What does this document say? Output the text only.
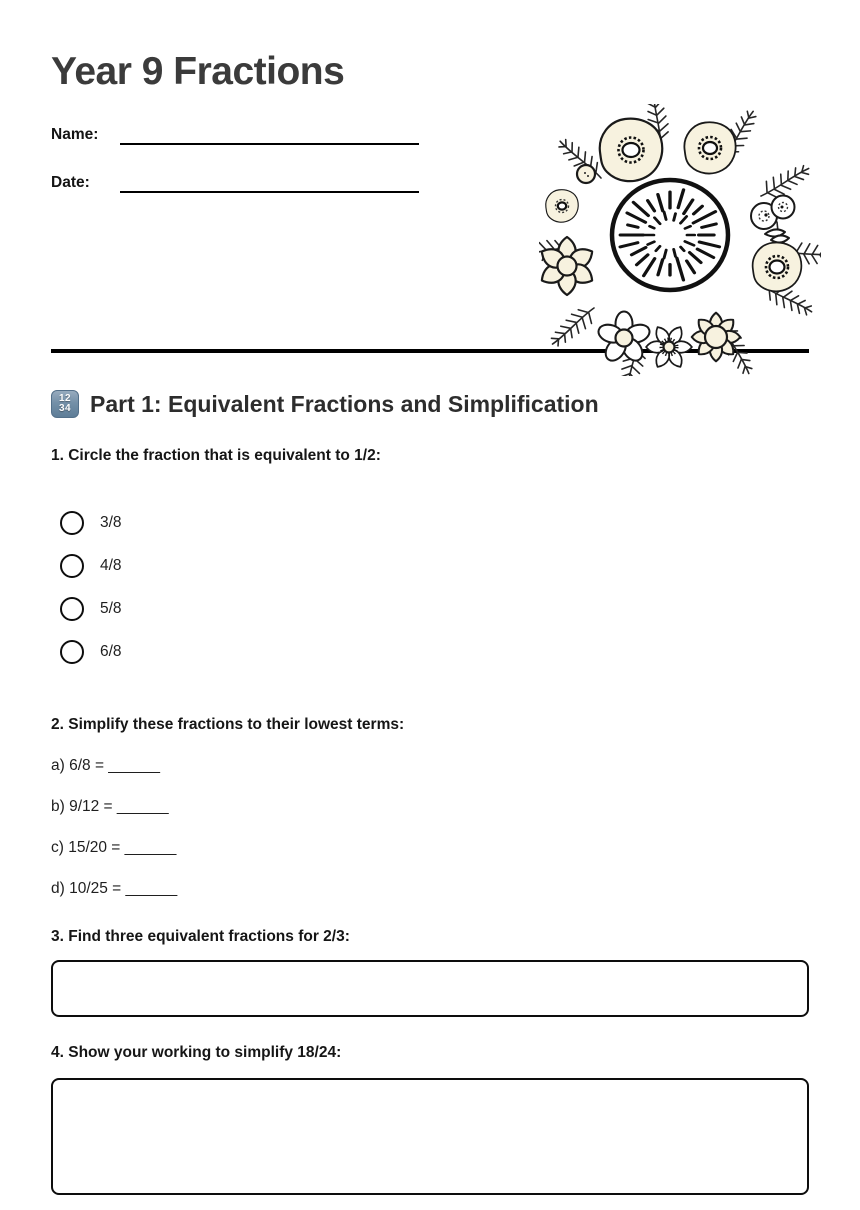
Year 9 Fractions
Name:
Date:
12
34 Part 1: Equivalent Fractions and Simplification

1. Circle the fraction that is equivalent to 1/2:

3/8
4/8
5/8
6/8

2. Simplify these fractions to their lowest terms:

a) 6/8 = ______

b) 9/12 = ______

c) 15/20 = ______

d) 10/25 = ______

3. Find three equivalent fractions for 2/3:

4. Show your working to simplify 18/24:
